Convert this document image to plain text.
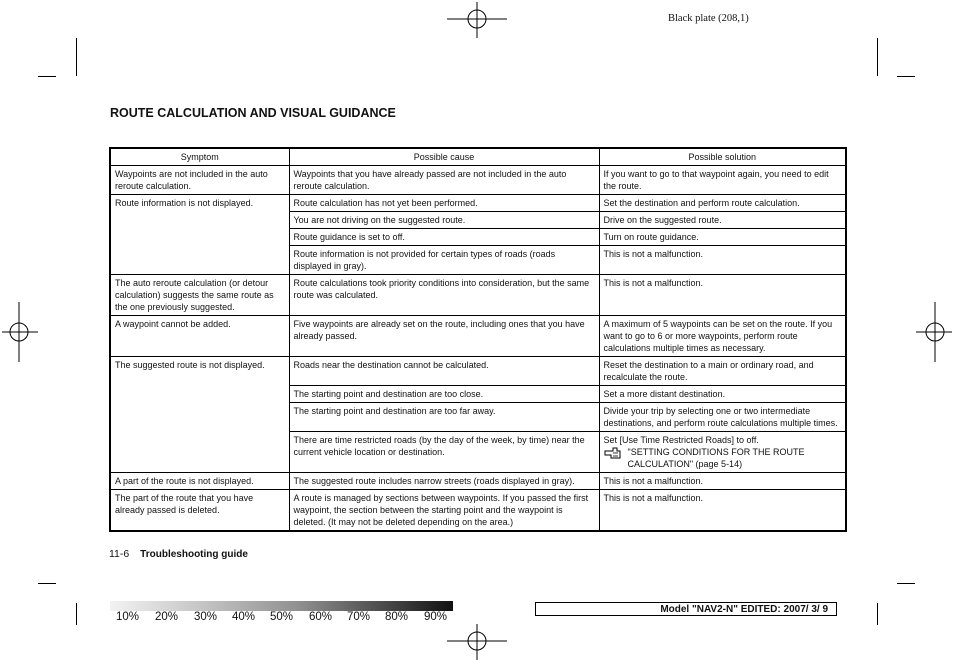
Black plate (208,1)
ROUTE CALCULATION AND VISUAL GUIDANCE
Symptom	Possible cause	Possible solution
Waypoints are not included in the auto reroute calculation.	Waypoints that you have already passed are not included in the auto reroute calculation.	If you want to go to that waypoint again, you need to edit the route.
Route information is not displayed.	Route calculation has not yet been performed.	Set the destination and perform route calculation.
	You are not driving on the suggested route.	Drive on the suggested route.
	Route guidance is set to off.	Turn on route guidance.
	Route information is not provided for certain types of roads (roads displayed in gray).	This is not a malfunction.
The auto reroute calculation (or detour calculation) suggests the same route as the one previously suggested.	Route calculations took priority conditions into consideration, but the same route was calculated.	This is not a malfunction.
A waypoint cannot be added.	Five waypoints are already set on the route, including ones that you have already passed.	A maximum of 5 waypoints can be set on the route. If you want to go to 6 or more waypoints, perform route calculations multiple times as necessary.
The suggested route is not displayed.	Roads near the destination cannot be calculated.	Reset the destination to a main or ordinary road, and recalculate the route.
	The starting point and destination are too close.	Set a more distant destination.
	The starting point and destination are too far away.	Divide your trip by selecting one or two intermediate destinations, and perform route calculations multiple times.
	There are time restricted roads (by the day of the week, by time) near the current vehicle location or destination.	Set [Use Time Restricted Roads] to off.
"SETTING CONDITIONS FOR THE ROUTE CALCULATION" (page 5-14)

A part of the route is not displayed.	The suggested route includes narrow streets (roads displayed in gray).	This is not a malfunction.
The part of the route that you have already passed is deleted.	A route is managed by sections between waypoints. If you passed the first waypoint, the section between the starting point and the waypoint is deleted. (It may not be deleted depending on the area.)	This is not a malfunction.
11-6 Troubleshooting guide
10% 20% 30% 40% 50% 60% 70% 80% 90%
Model "NAV2-N" EDITED: 2007/ 3/ 9
